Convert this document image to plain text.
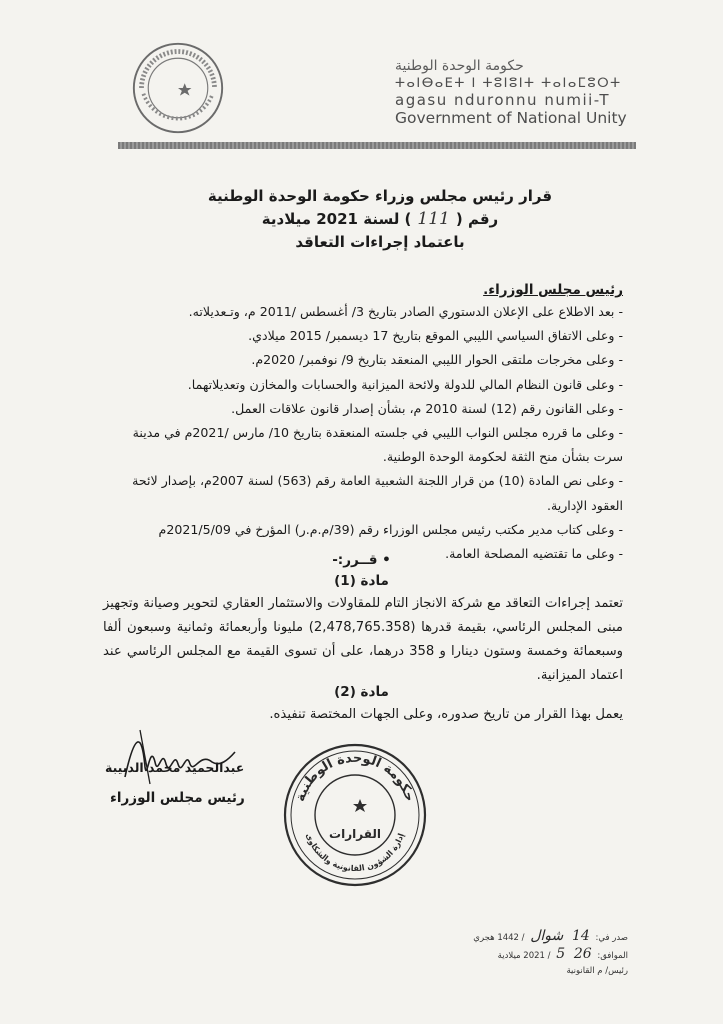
حكومة الوحدة الوطنية
ⵜⴰⵏⴱⴰⴹⵜ ⵏ ⵜⵓⵏⵓⵏⵜ ⵜⴰⵏⴰⵎⵓⵔⵜ
agasu nduronnu numii-T
Government of National Unity
قرار رئيس مجلس وزراء حكومة الوحدة الوطنية
رقم (111) لسنة 2021 ميلادية
باعتماد إجراءات التعاقد
رئيس مجلس الوزراء.
- بعد الاطلاع على الإعلان الدستوري الصادر بتاريخ 3/ أغسطس /2011 م، وتـعديلاته.
- وعلى الاتفاق السياسي الليبي الموقع بتاريخ 17 ديسمبر/ 2015 ميلادي.
- وعلى مخرجات ملتقى الحوار الليبي المنعقد بتاريخ 9/ نوفمبر/ 2020م.
- وعلى قانون النظام المالي للدولة ولائحة الميزانية والحسابات والمخازن وتعديلاتهما.
- وعلى القانون رقم (12) لسنة 2010 م، بشأن إصدار قانون علاقات العمل.
- وعلى ما قرره مجلس النواب الليبي في جلسته المنعقدة بتاريخ 10/ مارس /2021م في مدينة سرت بشأن منح الثقة لحكومة الوحدة الوطنية.
- وعلى نص المادة (10) من قرار اللجنة الشعبية العامة رقم (563) لسنة 2007م، بإصدار لائحة العقود الإدارية.
- وعلى كتاب مدير مكتب رئيس مجلس الوزراء رقم (39/م.م.ر) المؤرخ في 2021/5/09م
- وعلى ما تقتضيه المصلحة العامة.
• قــرر:-
مادة (1)
تعتمد إجراءات التعاقد مع شركة الانجاز التام للمقاولات والاستثمار العقاري لتحوير وصيانة وتجهيز مبنى المجلس الرئاسي، بقيمة قدرها (2,478,765.358) مليونا وأربعمائة وثمانية وسبعون ألفا وسبعمائة وخمسة وستون دينارا و 358 درهما، على أن تسوى القيمة مع المجلس الرئاسي عند اعتماد الميزانية.
مادة (2)
يعمل بهذا القرار من تاريخ صدوره، وعلى الجهات المختصة تنفيذه.
عبدالحميد محمد الدبيبة
رئيس مجلس الوزراء	حكومة الوحدة الوطنية
إدارة الشؤون القانونية والشكاوى
القرارات
صدر في: 14 شوال / 1442 هجري
الموافق: 26 5 / 2021 ميلادية
رئيس/ م القانونية
